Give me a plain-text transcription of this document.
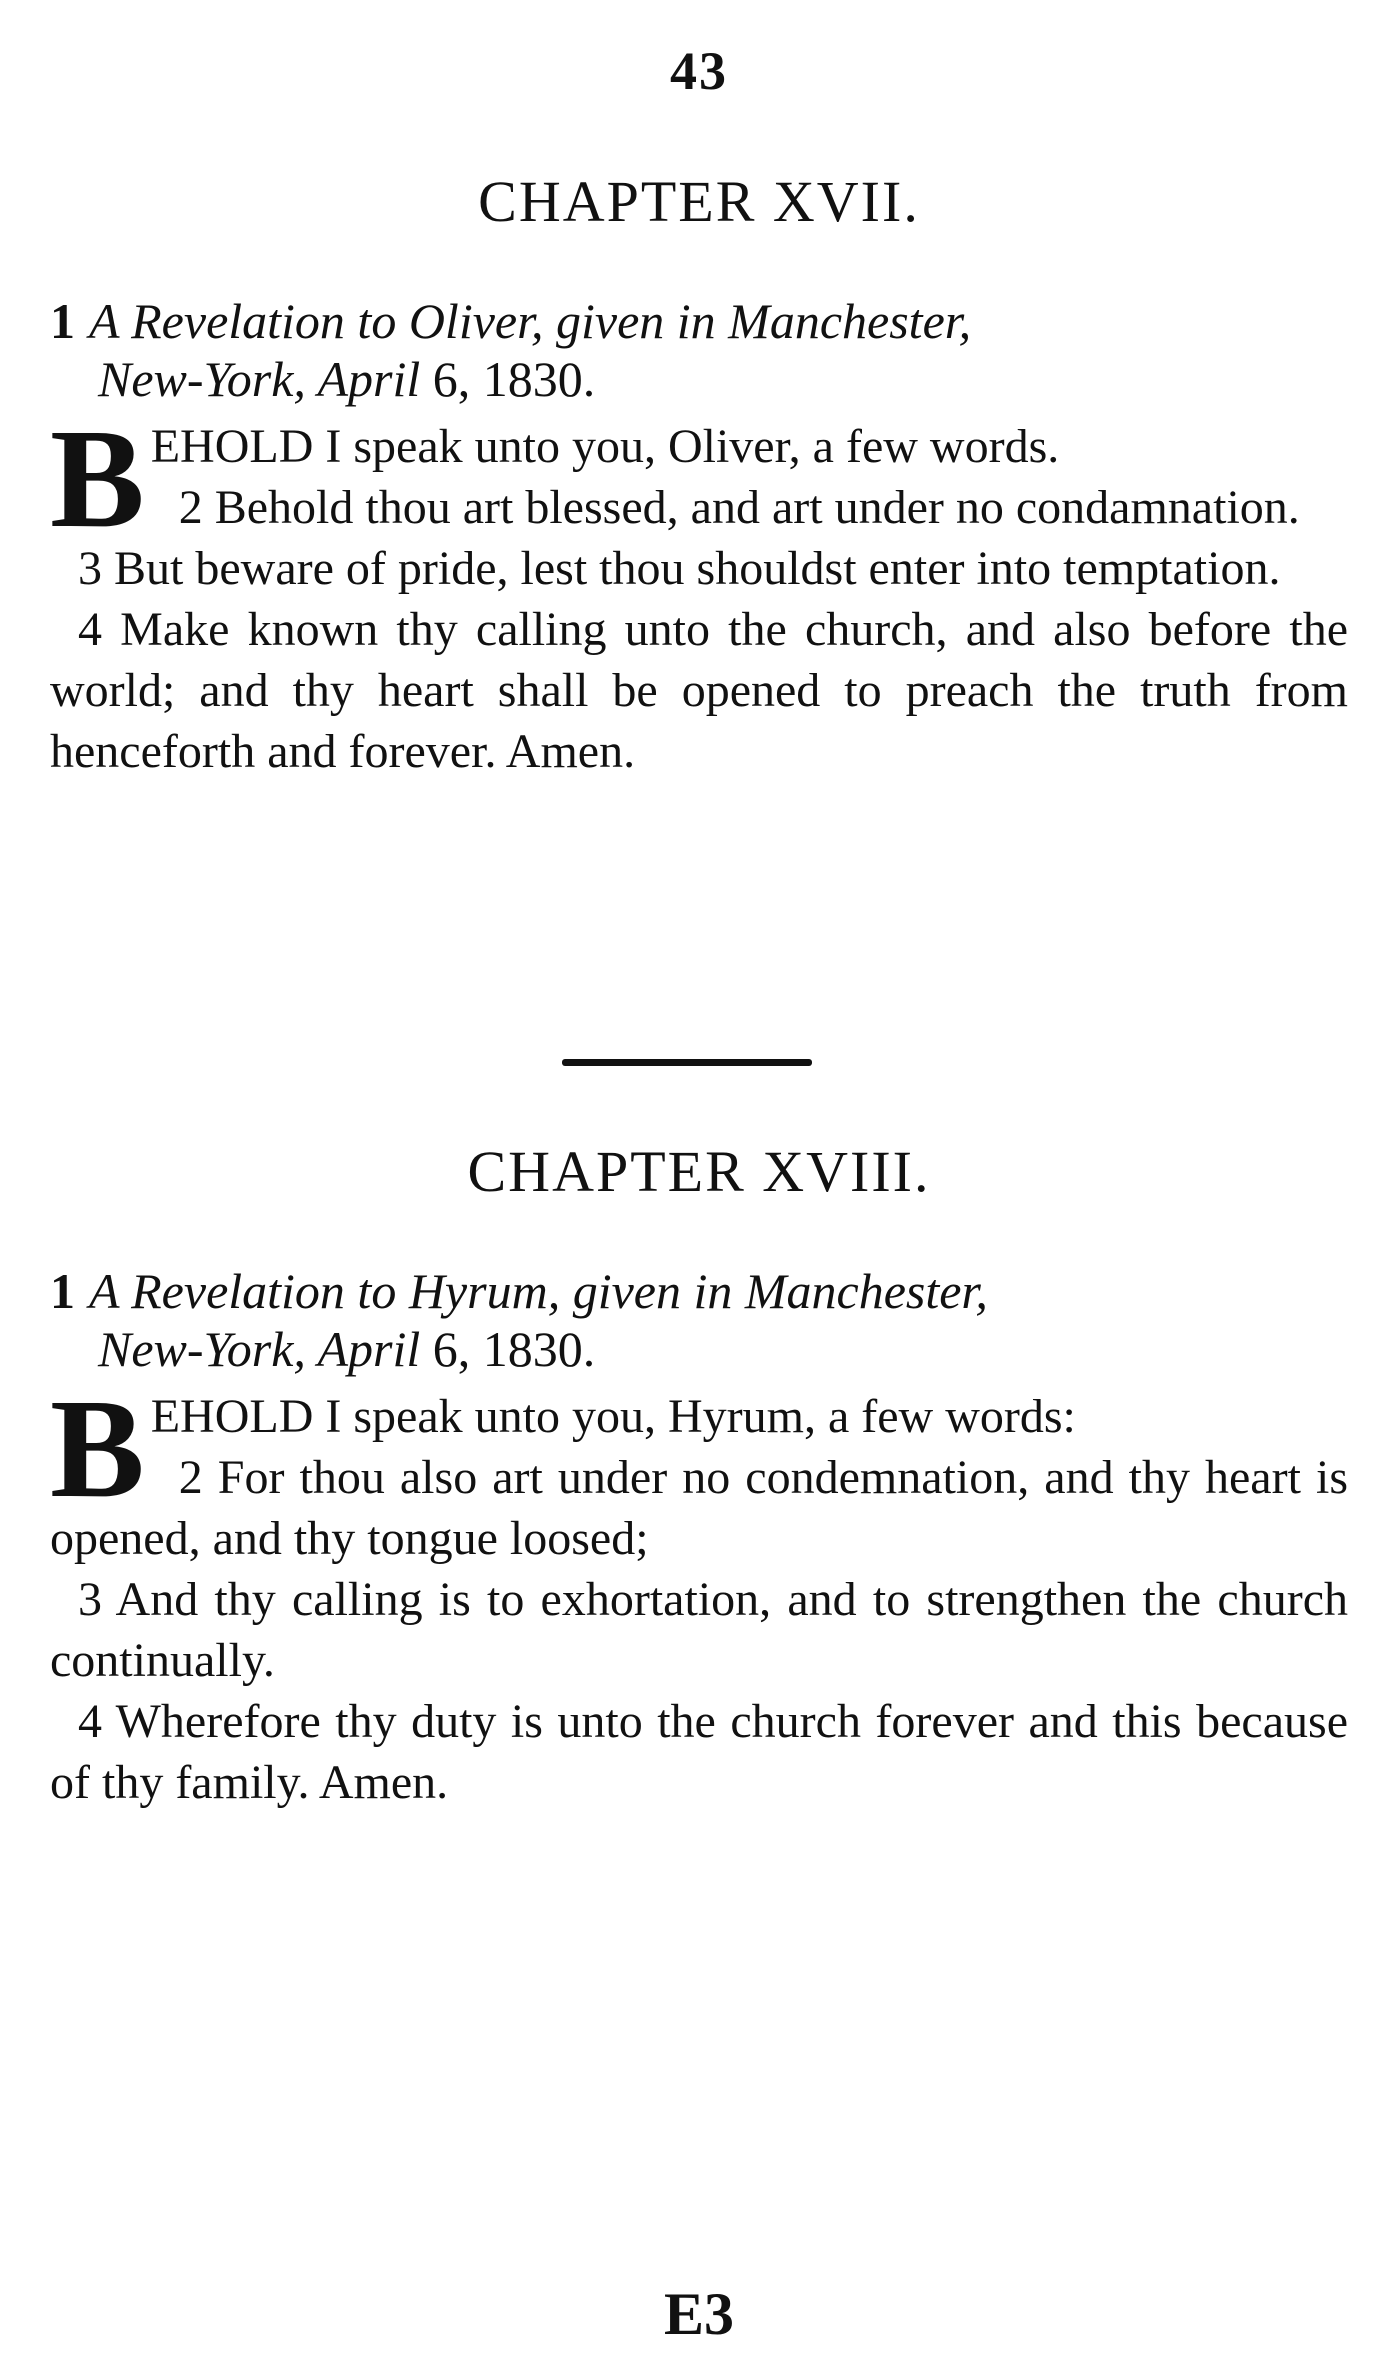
43
CHAPTER XVII.
1 A Revelation to Oliver, given in Manchester,
New-York, April 6, 1830.

BEHOLD I speak unto you, Oliver, a few words.

2 Behold thou art blessed, and art under no condamnation.

3 But beware of pride, lest thou shouldst enter into temptation.

4 Make known thy calling unto the church, and also before the world; and thy heart shall be opened to preach the truth from henceforth and forever. Amen.

CHAPTER XVIII.
1 A Revelation to Hyrum, given in Manchester,
New-York, April 6, 1830.

BEHOLD I speak unto you, Hyrum, a few words:

2 For thou also art under no condemnation, and thy heart is opened, and thy tongue loosed;

3 And thy calling is to exhortation, and to strengthen the church continually.

4 Wherefore thy duty is unto the church forever and this because of thy family. Amen.

E3
